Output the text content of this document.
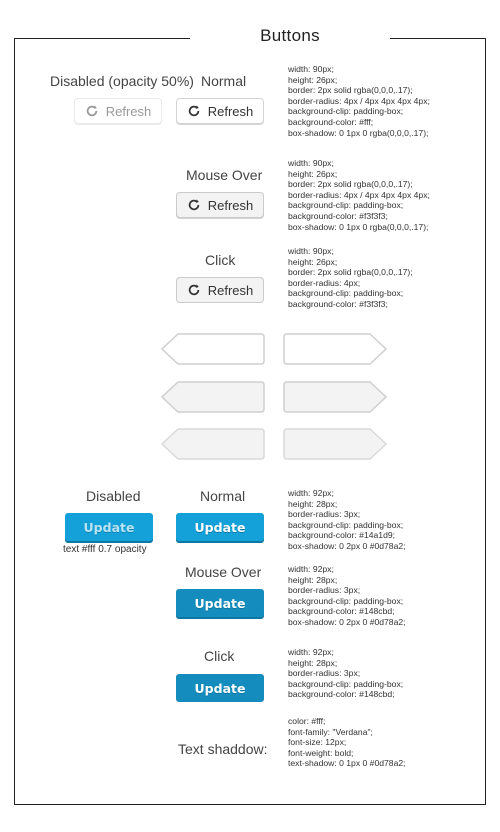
Buttons
Disabled (opacity 50%) Normal
Refresh	Refresh
width: 90px;
height: 26px;
border: 2px solid rgba(0,0,0,.17);
border-radius: 4px / 4px 4px 4px 4px;
background-clip: padding-box;
background-color: #fff;
box-shadow: 0 1px 0 rgba(0,0,0,.17);
Mouse Over
Refresh
width: 90px;
height: 26px;
border: 2px solid rgba(0,0,0,.17);
border-radius: 4px / 4px 4px 4px 4px;
background-clip: padding-box;
background-color: #f3f3f3;
box-shadow: 0 1px 0 rgba(0,0,0,.17);
Click
Refresh
width: 90px;
height: 26px;
border: 2px solid rgba(0,0,0,.17);
border-radius: 4px;
background-clip: padding-box;
background-color: #f3f3f3;
Disabled	Normal
Update
text #fff 0.7 opacity
Update
width: 92px;
height: 28px;
border-radius: 3px;
background-clip: padding-box;
background-color: #14a1d9;
box-shadow: 0 2px 0 #0d78a2;
Mouse Over
Update
width: 92px;
height: 28px;
border-radius: 3px;
background-clip: padding-box;
background-color: #148cbd;
box-shadow: 0 2px 0 #0d78a2;
Click
Update
width: 92px;
height: 28px;
border-radius: 3px;
background-clip: padding-box;
background-color: #148cbd;
Text shaddow:
color: #fff;
font-family: "Verdana";
font-size: 12px;
font-weight: bold;
text-shadow: 0 1px 0 #0d78a2;
